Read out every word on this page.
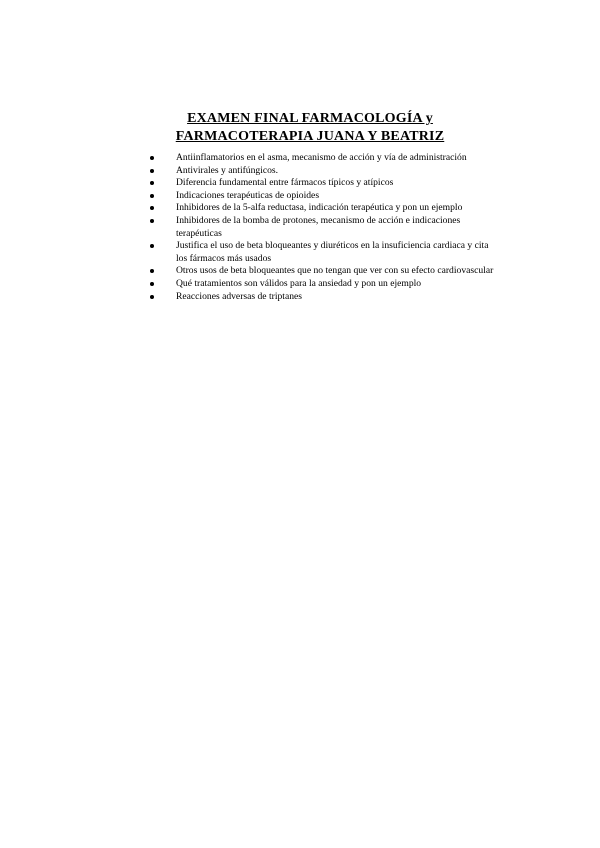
EXAMEN FINAL FARMACOLOGÍA y
FARMACOTERAPIA JUANA Y BEATRIZ
Antiinflamatorios en el asma, mecanismo de acción y vía de administración
Antivirales y antifúngicos.
Diferencia fundamental entre fármacos típicos y atípicos
Indicaciones terapéuticas de opioides
Inhibidores de la 5-alfa reductasa, indicación terapéutica y pon un ejemplo
Inhibidores de la bomba de protones, mecanismo de acción e indicaciones terapéuticas
Justifica el uso de beta bloqueantes y diuréticos en la insuficiencia cardiaca y cita los fármacos más usados
Otros usos de beta bloqueantes que no tengan que ver con su efecto cardiovascular
Qué tratamientos son válidos para la ansiedad y pon un ejemplo
Reacciones adversas de triptanes
